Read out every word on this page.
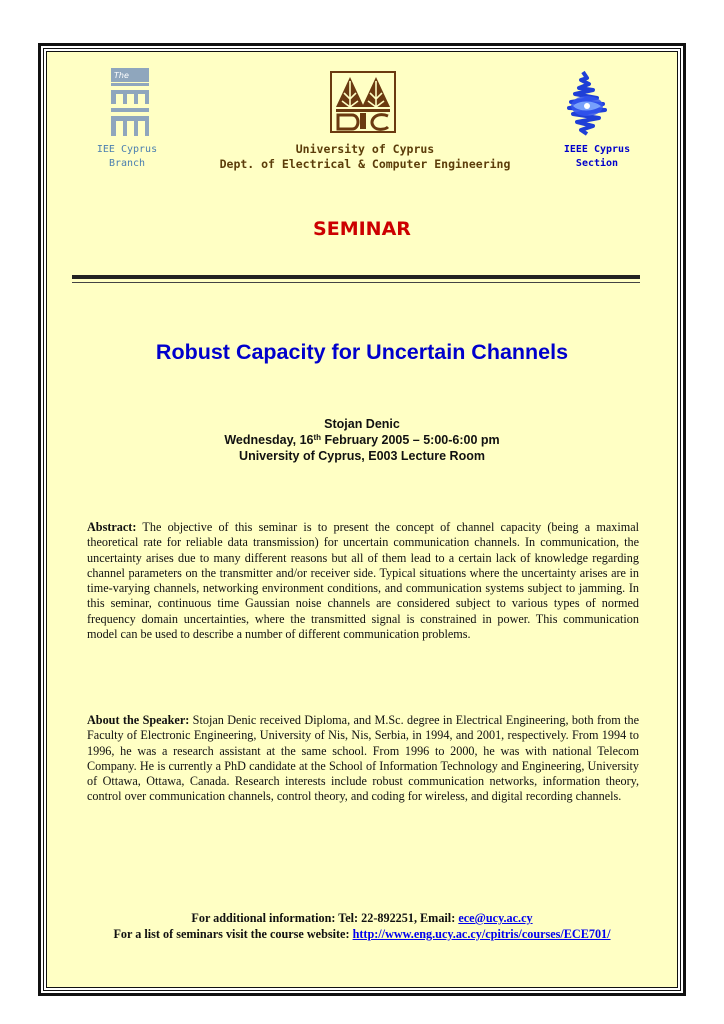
The
IEE Cyprus
Branch
University of Cyprus
Dept. of Electrical & Computer Engineering
IEEE Cyprus
Section
SEMINAR
Robust Capacity for Uncertain Channels
Stojan Denic
Wednesday, 16th February 2005 – 5:00-6:00 pm
University of Cyprus, E003 Lecture Room
Abstract: The objective of this seminar is to present the concept of channel capacity (being a maximal theoretical rate for reliable data transmission) for uncertain communication channels. In communication, the uncertainty arises due to many different reasons but all of them lead to a certain lack of knowledge regarding channel parameters on the transmitter and/or receiver side. Typical situations where the uncertainty arises are in time-varying channels, networking environment conditions, and communication systems subject to jamming. In this seminar, continuous time Gaussian noise channels are considered subject to various types of normed frequency domain uncertainties, where the transmitted signal is constrained in power. This communication model can be used to describe a number of different communication problems.
About the Speaker: Stojan Denic received Diploma, and M.Sc. degree in Electrical Engineering, both from the Faculty of Electronic Engineering, University of Nis, Nis, Serbia, in 1994, and 2001, respectively. From 1994 to 1996, he was a research assistant at the same school. From 1996 to 2000, he was with national Telecom Company. He is currently a PhD candidate at the School of Information Technology and Engineering, University of Ottawa, Ottawa, Canada. Research interests include robust communication networks, information theory, control over communication channels, control theory, and coding for wireless, and digital recording channels.
For additional information: Tel: 22-892251, Email: ece@ucy.ac.cy
For a list of seminars visit the course website: http://www.eng.ucy.ac.cy/cpitris/courses/ECE701/
